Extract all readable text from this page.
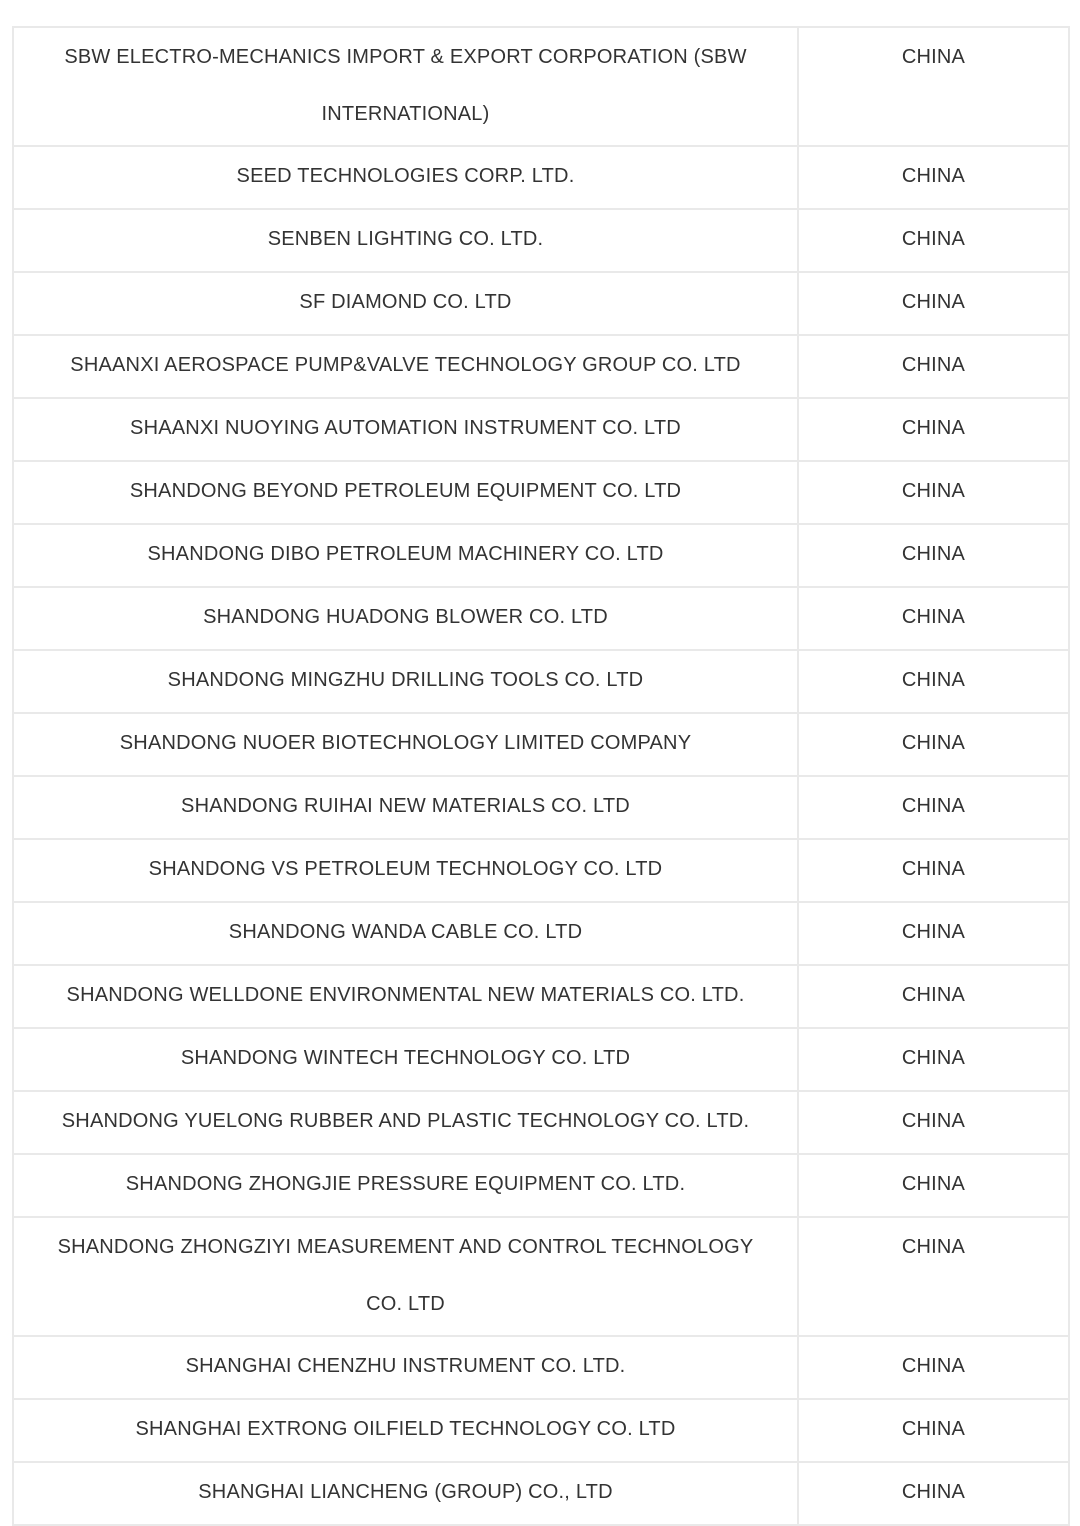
SBW ELECTRO-MECHANICS IMPORT & EXPORT CORPORATION (SBW INTERNATIONAL)	CHINA
SEED TECHNOLOGIES CORP. LTD.	CHINA
SENBEN LIGHTING CO. LTD.	CHINA
SF DIAMOND CO. LTD	CHINA
SHAANXI AEROSPACE PUMP&VALVE TECHNOLOGY GROUP CO. LTD	CHINA
SHAANXI NUOYING AUTOMATION INSTRUMENT CO. LTD	CHINA
SHANDONG BEYOND PETROLEUM EQUIPMENT CO. LTD	CHINA
SHANDONG DIBO PETROLEUM MACHINERY CO. LTD	CHINA
SHANDONG HUADONG BLOWER CO. LTD	CHINA
SHANDONG MINGZHU DRILLING TOOLS CO. LTD	CHINA
SHANDONG NUOER BIOTECHNOLOGY LIMITED COMPANY	CHINA
SHANDONG RUIHAI NEW MATERIALS CO. LTD	CHINA
SHANDONG VS PETROLEUM TECHNOLOGY CO. LTD	CHINA
SHANDONG WANDA CABLE CO. LTD	CHINA
SHANDONG WELLDONE ENVIRONMENTAL NEW MATERIALS CO. LTD.	CHINA
SHANDONG WINTECH TECHNOLOGY CO. LTD	CHINA
SHANDONG YUELONG RUBBER AND PLASTIC TECHNOLOGY CO. LTD.	CHINA
SHANDONG ZHONGJIE PRESSURE EQUIPMENT CO. LTD.	CHINA
SHANDONG ZHONGZIYI MEASUREMENT AND CONTROL TECHNOLOGY CO. LTD	CHINA
SHANGHAI CHENZHU INSTRUMENT CO. LTD.	CHINA
SHANGHAI EXTRONG OILFIELD TECHNOLOGY CO. LTD	CHINA
SHANGHAI LIANCHENG (GROUP) CO., LTD	CHINA
